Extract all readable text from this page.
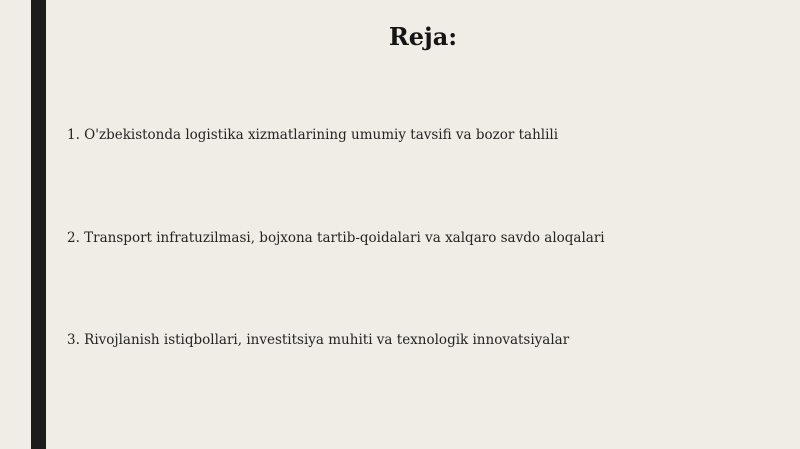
Reja:

1. O'zbekistonda logistika xizmatlarining umumiy tavsifi va bozor tahlili

2. Transport infratuzilmasi, bojxona tartib-qoidalari va xalqaro savdo aloqalari

3. Rivojlanish istiqbollari, investitsiya muhiti va texnologik innovatsiyalar
